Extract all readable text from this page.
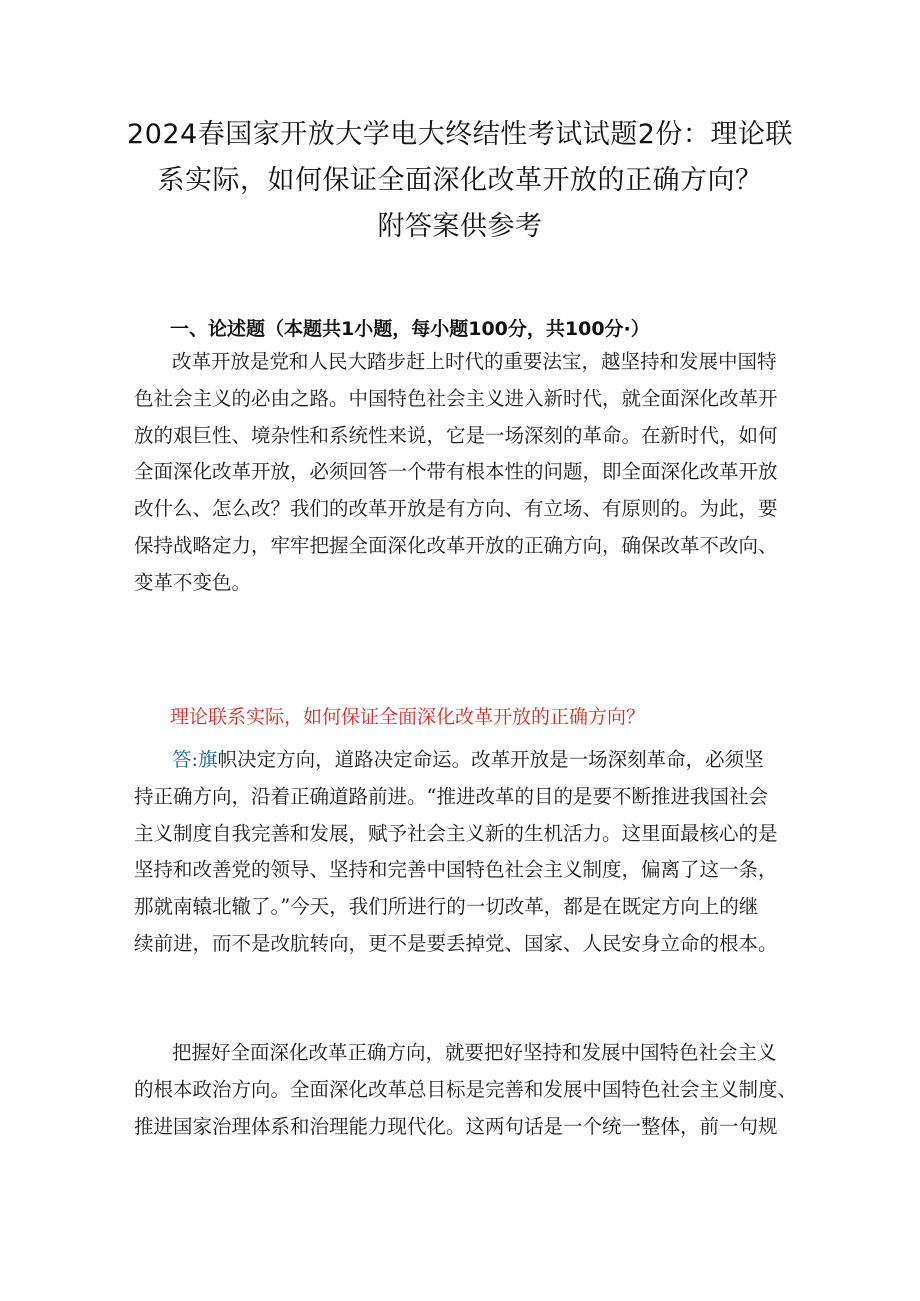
2024春国家开放大学电大终结性考试试题2份：理论联
系实际，如何保证全面深化改革开放的正确方向？
附答案供参考
一、论述题（本题共1小题，每小题100分，共100分·）
改革开放是党和人民大踏步赶上时代的重要法宝，越坚持和发展中国特
色社会主义的必由之路。中国特色社会主义进入新时代，就全面深化改革开
放的艰巨性、境杂性和系统性来说，它是一场深刻的革命。在新时代，如何
全面深化改革开放，必须回答一个带有根本性的问题，即全面深化改革开放
改什么、怎么改？我们的改革开放是有方向、有立场、有原则的。为此，要
保持战略定力，牢牢把握全面深化改革开放的正确方向，确保改革不改向、
变革不变色。
理论联系实际，如何保证全面深化改革开放的正确方向？
答:旗帜决定方向，道路决定命运。改革开放是一场深刻革命，必须坚
持正确方向，沿着正确道路前进。“推进改革的目的是要不断推进我国社会
主义制度自我完善和发展，赋予社会主义新的生机活力。这里面最核心的是
坚持和改善党的领导、坚持和完善中国特色社会主义制度，偏离了这一条，
那就南辕北辙了。”今天，我们所进行的一切改革，都是在既定方向上的继
续前进，而不是改肮转向，更不是要丢掉党、国家、人民安身立命的根本。
把握好全面深化改革正确方向，就要把好坚持和发展中国特色社会主义
的根本政治方向。全面深化改革总目标是完善和发展中国特色社会主义制度、
推进国家治理体系和治理能力现代化。这两句话是一个统一整体，前一句规
